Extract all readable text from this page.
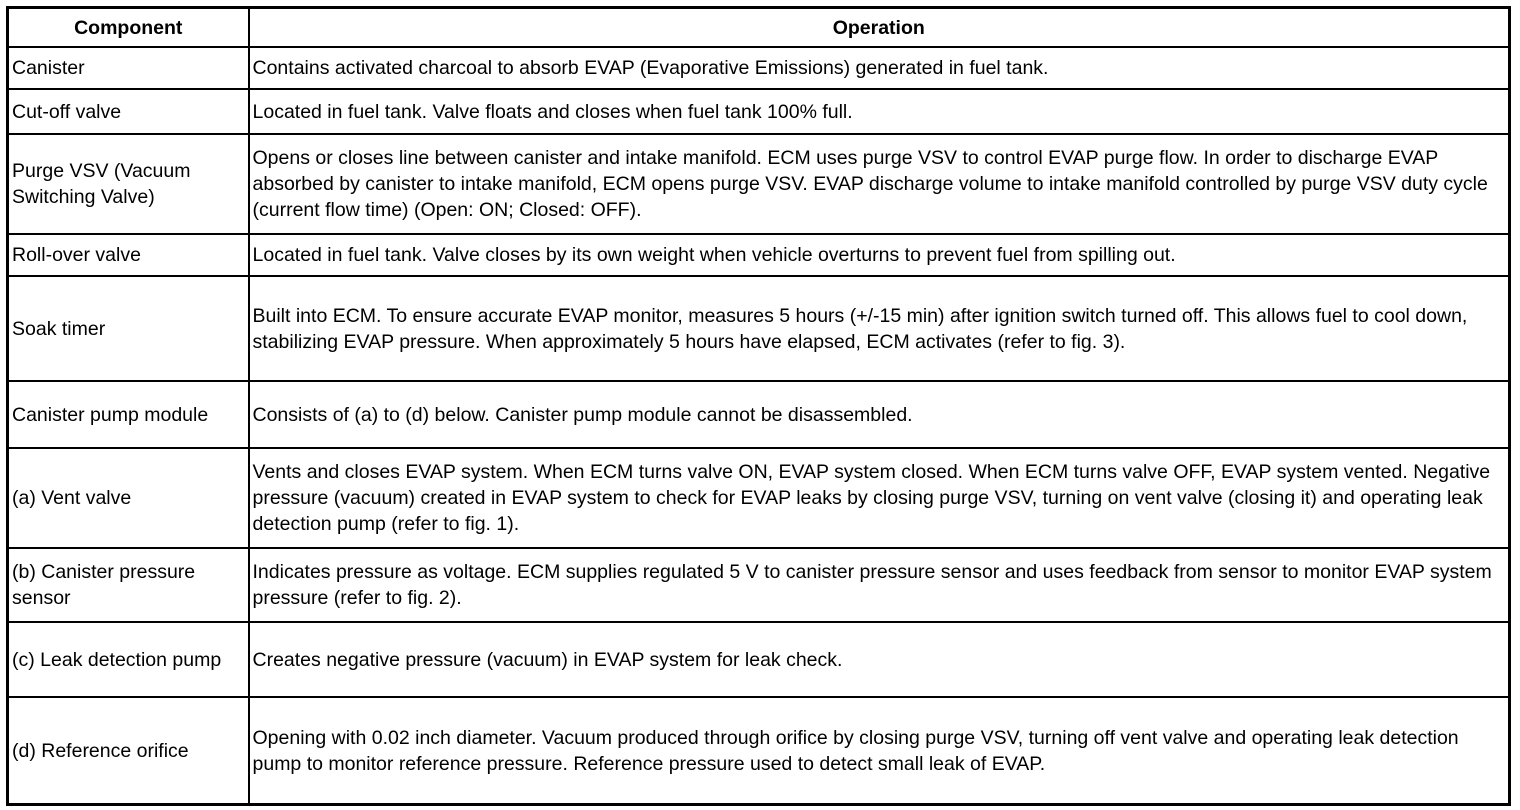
Component	Operation
Canister	Contains activated charcoal to absorb EVAP (Evaporative Emissions) generated in fuel tank.
Cut-off valve	Located in fuel tank. Valve floats and closes when fuel tank 100% full.
Purge VSV (Vacuum Switching Valve)	Opens or closes line between canister and intake manifold. ECM uses purge VSV to control EVAP purge flow. In order to discharge EVAP absorbed by canister to intake manifold, ECM opens purge VSV. EVAP discharge volume to intake manifold controlled by purge VSV duty cycle (current flow time) (Open: ON; Closed: OFF).
Roll-over valve	Located in fuel tank. Valve closes by its own weight when vehicle overturns to prevent fuel from spilling out.
Soak timer	Built into ECM. To ensure accurate EVAP monitor, measures 5 hours (+/-15 min) after ignition switch turned off. This allows fuel to cool down, stabilizing EVAP pressure. When approximately 5 hours have elapsed, ECM activates (refer to fig. 3).
Canister pump module	Consists of (a) to (d) below. Canister pump module cannot be disassembled.
(a) Vent valve	Vents and closes EVAP system. When ECM turns valve ON, EVAP system closed. When ECM turns valve OFF, EVAP system vented. Negative pressure (vacuum) created in EVAP system to check for EVAP leaks by closing purge VSV, turning on vent valve (closing it) and operating leak detection pump (refer to fig. 1).
(b) Canister pressure sensor	Indicates pressure as voltage. ECM supplies regulated 5 V to canister pressure sensor and uses feedback from sensor to monitor EVAP system pressure (refer to fig. 2).
(c) Leak detection pump	Creates negative pressure (vacuum) in EVAP system for leak check.
(d) Reference orifice	Opening with 0.02 inch diameter. Vacuum produced through orifice by closing purge VSV, turning off vent valve and operating leak detection pump to monitor reference pressure. Reference pressure used to detect small leak of EVAP.
